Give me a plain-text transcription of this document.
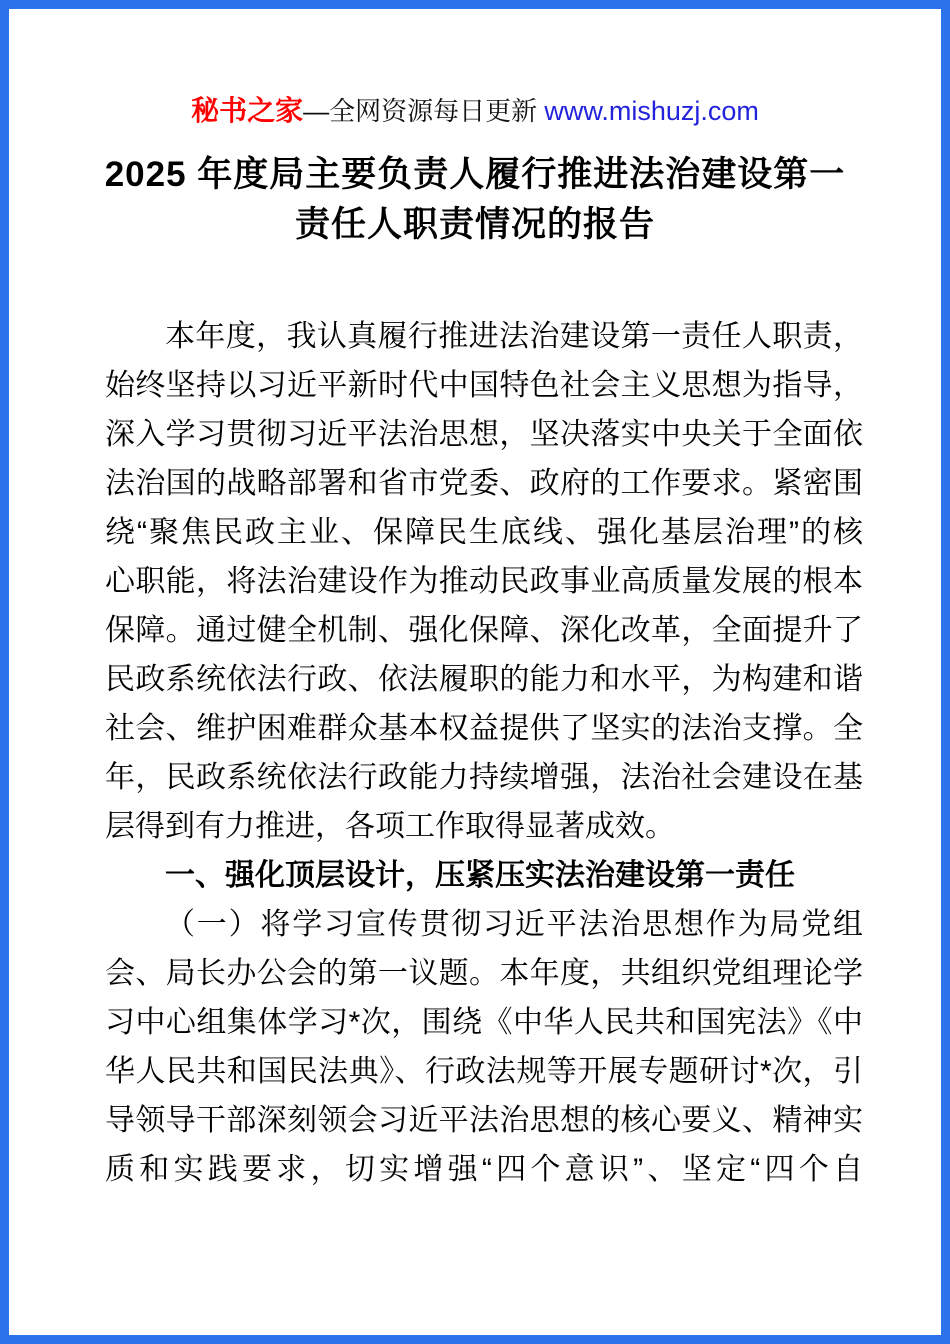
秘书之家—全网资源每日更新 www.mishuzj.com
2025 年度局主要负责人履行推进法治建设第一
责任人职责情况的报告
本年度，我认真履行推进法治建设第一责任人职责，
始终坚持以习近平新时代中国特色社会主义思想为指导，
深入学习贯彻习近平法治思想，坚决落实中央关于全面依
法治国的战略部署和省市党委、政府的工作要求。紧密围
绕“聚焦民政主业、保障民生底线、强化基层治理”的核
心职能，将法治建设作为推动民政事业高质量发展的根本
保障。通过健全机制、强化保障、深化改革，全面提升了
民政系统依法行政、依法履职的能力和水平，为构建和谐
社会、维护困难群众基本权益提供了坚实的法治支撑。全
年，民政系统依法行政能力持续增强，法治社会建设在基
层得到有力推进，各项工作取得显著成效。
一、强化顶层设计，压紧压实法治建设第一责任
（一）将学习宣传贯彻习近平法治思想作为局党组
会、局长办公会的第一议题。本年度，共组织党组理论学
习中心组集体学习*次，围绕《中华人民共和国宪法》《中
华人民共和国民法典》、行政法规等开展专题研讨*次，引
导领导干部深刻领会习近平法治思想的核心要义、精神实
质和实践要求，切实增强“四个意识”、坚定“四个自
